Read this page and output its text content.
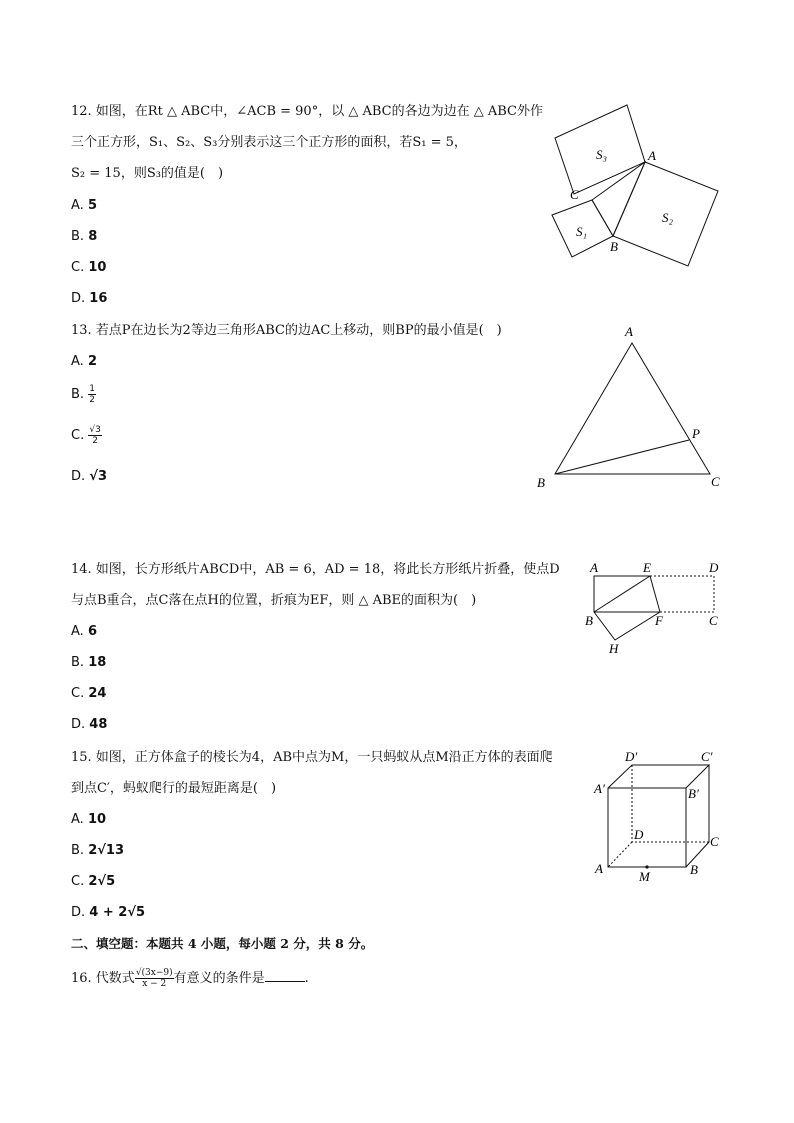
12. 如图，在Rt △ ABC中，∠ACB = 90°，以 △ ABC的各边为边在 △ ABC外作
三个正方形，S₁、S₂、S₃分别表示这三个正方形的面积，若S₁ = 5，
S₂ = 15，则S₃的值是(　)
A. 5
B. 8
C. 10
D. 16
S₃
S₂
S₁
A
B
C
13. 若点P在边长为2等边三角形ABC的边AC上移动，则BP的最小值是(　)
A. 2
B. $\frac{1}{2}$
C. $\frac{√3}{2}$
D. √3
A
B	C
P
14. 如图，长方形纸片ABCD中，AB = 6，AD = 18，将此长方形纸片折叠，使点D
与点B重合，点C落在点H的位置，折痕为EF，则 △ ABE的面积为(　)
A. 6
B. 18
C. 24
D. 48
A	E	D
B	F	C
H
15. 如图，正方体盒子的棱长为4，AB中点为M，一只蚂蚁从点M沿正方体的表面爬
到点C′，蚂蚁爬行的最短距离是(　)
A. 10
B. 2√13
C. 2√5
D. 4 + 2√5
D′	C′
A′	B′
D	C
A
M	B
二、填空题：本题共 4 小题，每小题 2 分，共 8 分。
16. 代数式 $\frac{√(3x-9)}{x - 2}$ 有意义的条件是	.
